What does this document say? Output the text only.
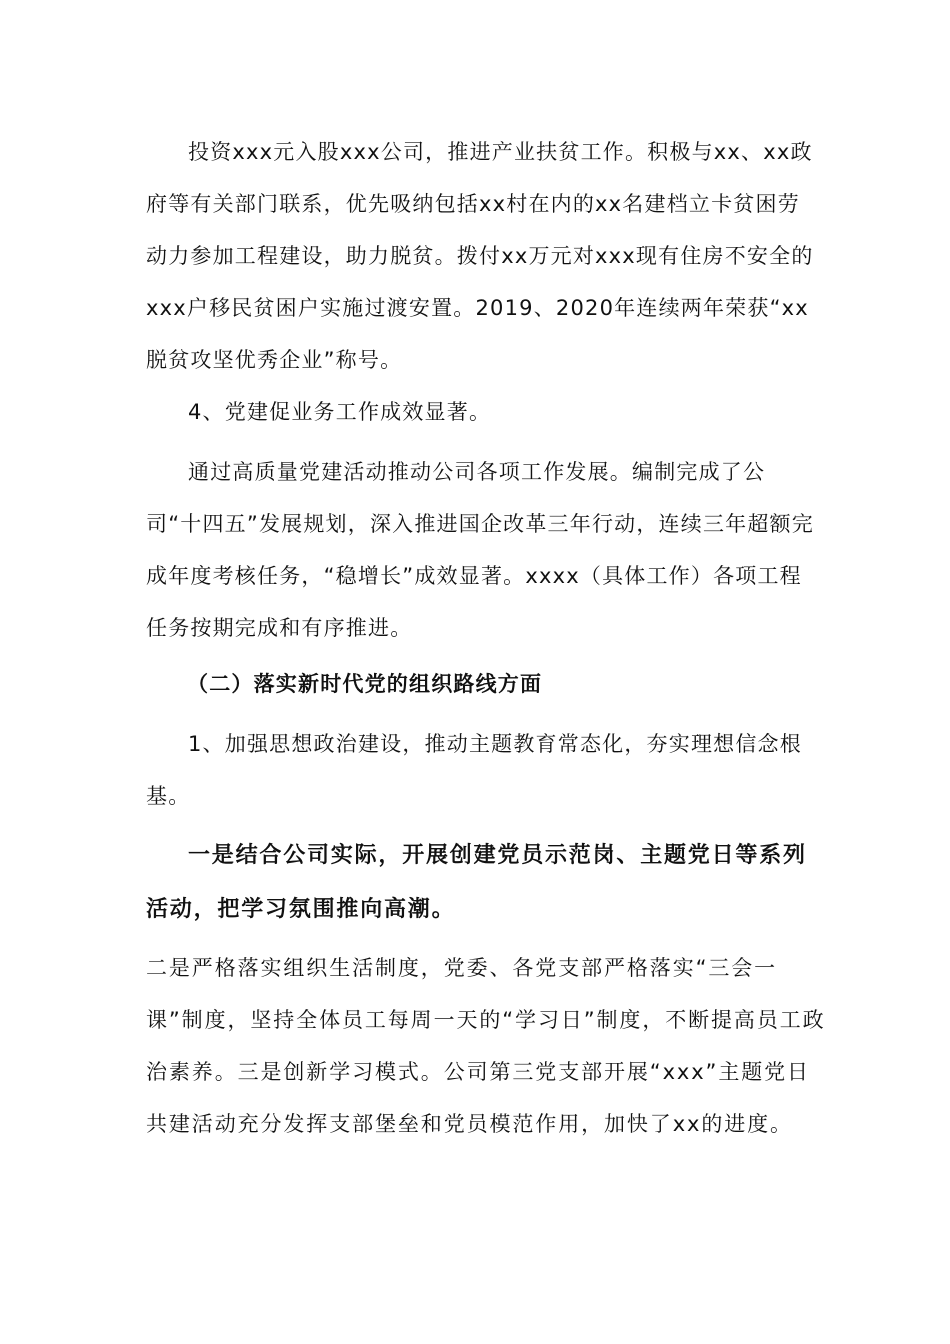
投资xxx元入股xxx公司，推进产业扶贫工作。积极与xx、xx政府等有关部门联系，优先吸纳包括xx村在内的xx名建档立卡贫困劳动力参加工程建设，助力脱贫。拨付xx万元对xxx现有住房不安全的xxx户移民贫困户实施过渡安置。2019、2020年连续两年荣获“xx脱贫攻坚优秀企业”称号。

4、党建促业务工作成效显著。

通过高质量党建活动推动公司各项工作发展。编制完成了公司“十四五”发展规划，深入推进国企改革三年行动，连续三年超额完成年度考核任务，“稳增长”成效显著。xxxx（具体工作）各项工程任务按期完成和有序推进。

（二）落实新时代党的组织路线方面

1、加强思想政治建设，推动主题教育常态化，夯实理想信念根基。

一是结合公司实际，开展创建党员示范岗、主题党日等系列活动，把学习氛围推向高潮。

二是严格落实组织生活制度，党委、各党支部严格落实“三会一课”制度，坚持全体员工每周一天的“学习日”制度，不断提高员工政治素养。三是创新学习模式。公司第三党支部开展“xxx”主题党日共建活动充分发挥支部堡垒和党员模范作用，加快了xx的进度。
